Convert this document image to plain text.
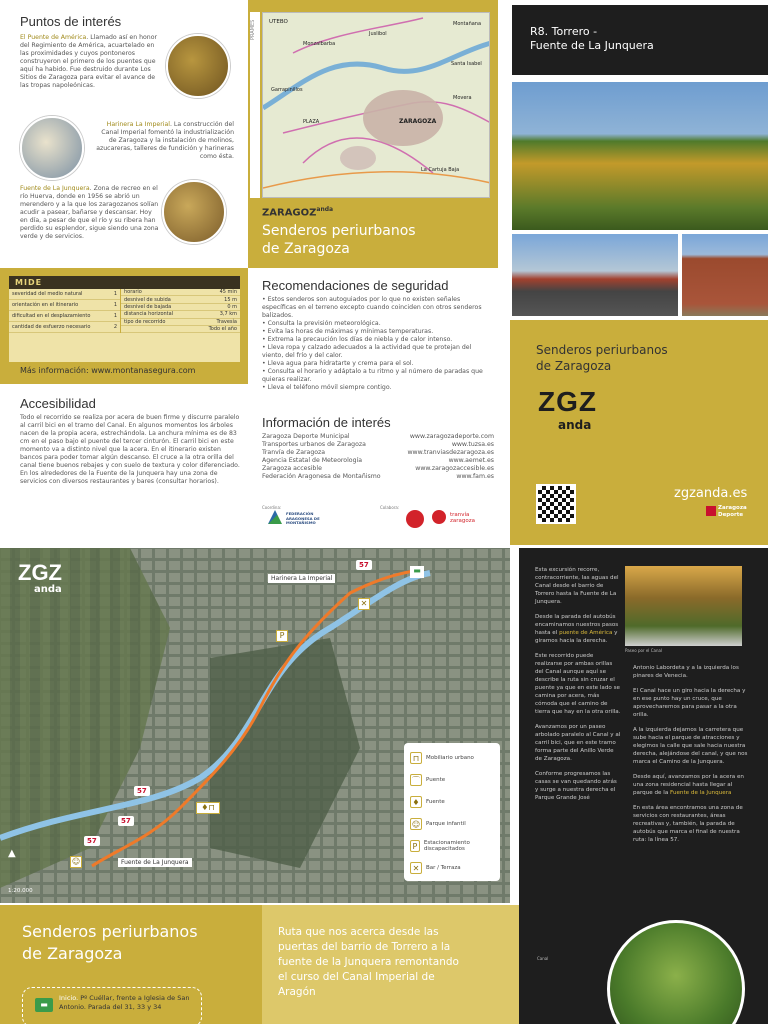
Puntos de interés
El Puente de América. Llamado así en honor del Regimiento de América, acuartelado en las proximidades y cuyos pontoneros construyeron el primero de los puentes que aquí ha habido. Fue destruido durante Los Sitios de Zaragoza para evitar el avance de las tropas napoleónicas.
Harinera La Imperial. La construcción del Canal Imperial fomentó la industrialización de Zaragoza y la instalación de molinos, azucareras, talleres de fundición y harineras como ésta.
Fuente de La Junquera. Zona de recreo en el río Huerva, donde en 1956 se abrió un merendero y a la que los zaragozanos solían acudir a pasear, bañarse y descansar. Hoy en día, a pesar de que el río y su ribera han perdido su esplendor, sigue siendo una zona verde y de servicios.
MIDE
severidad del medio natural	1
orientación en el itinerario	1
dificultad en el desplazamiento	1
cantidad de esfuerzo necesario	2
horario	45 min
desnivel de subida	15 m
desnivel de bajada	0 m
distancia horizontal	3,7 km
tipo de recorrido	Travesía
Todo el año
Más información: www.montanasegura.com
Accesibilidad
Todo el recorrido se realiza por acera de buen firme y discurre paralelo al carril bici en el tramo del Canal. En algunos momentos los árboles nacen de la propia acera, estrechándola. La anchura mínima es de 83 cm en el paso bajo el puente del tercer cinturón. El carril bici en este momento va a distinto nivel que la acera. En el itinerario existen bancos para poder tomar algún descanso. El cruce a la otra orilla del canal tiene buenos rebajes y con suelo de textura y color diferenciado. En los alrededores de la Fuente de la Junquera hay una zona de servicios con diversos restaurantes y bares (consultar horarios).
PRAMES UTEBO
Monzalbarba
Juslibol
Montañana
Santa Isabel
Garrapinillos
PLAZA	ZARAGOZA
Movera
La Cartuja Baja
$ZARAGOZ^{anda}$
Senderos periurbanos
de Zaragoza
Recomendaciones de seguridad
• Estos senderos son autoguiados por lo que no existen señales específicas en el terreno excepto cuando coinciden con otros senderos balizados.
• Consulta la previsión meteorológica.
• Evita las horas de máximas y mínimas temperaturas.
• Extrema la precaución los días de niebla y de calor intenso.
• Lleva ropa y calzado adecuados a la actividad que te protejan del viento, del frío y del calor.
• Lleva agua para hidratarte y crema para el sol.
• Consulta el horario y adáptalo a tu ritmo y al número de paradas que quieras realizar.
• Lleva el teléfono móvil siempre contigo.
Información de interés
Zaragoza Deporte Municipal	www.zaragozadeporte.com
Transportes urbanos de Zaragoza	www.tuzsa.es
Tranvía de Zaragoza	www.tranviasdezaragoza.es
Agencia Estatal de Meteorología	www.aemet.es
Zaragoza accesible	www.zaragozaccesible.es
Federación Aragonesa de Montañismo	www.fam.es
Coordina:
FEDERACIÓN ARAGONESA DE MONTAÑISMO
Colabora:
tranvía zaragoza
R8. Torrero -
Fuente de La Junquera
Senderos periurbanos
de Zaragoza
ZGZ
anda
zgzanda.es
Zaragoza
Deporte
ZGZ
anda
Harinera La Imperial
Fuente de La Junquera
57
▬
57
57
57
✕
P
♦⊓
☺
▲
1:20.000
⊓	Mobiliario urbano
⌒	Puente
♦	Fuente
☺	Parque infantil
P	Estacionamiento discapacitados
✕	Bar / Terraza

Esta excursión recorre, contracorriente, las aguas del Canal desde el barrio de Torrero hasta la Fuente de La Junquera.

Desde la parada del autobús encaminamos nuestros pasos hasta el puente de América y giramos hacia la derecha.

Este recorrido puede realizarse por ambas orillas del Canal aunque aquí se describe la ruta sin cruzar el puente ya que en este lado se camina por acera, más cómoda que el camino de tierra que hay en la otra orilla.

Avanzamos por un paseo arbolado paralelo al Canal y al carril bici, que en este tramo forma parte del Anillo Verde de Zaragoza.

Conforme progresamos las casas se van quedando atrás y surge a nuestra derecha el Parque Grande José

Paseo por el Canal

Antonio Labordeta y a la izquierda los pinares de Venecia.

El Canal hace un giro hacia la derecha y en ese punto hay un cruce, que aprovecharemos para pasar a la otra orilla.

A la izquierda dejamos la carretera que sube hacia el parque de atracciones y elegimos la calle que sale hacia nuestra derecha, alejándose del canal, y que nos marca el Camino de la Junquera.

Desde aquí, avanzamos por la acera en una zona residencial hasta llegar al parque de la Fuente de la Junquera

En esta área encontramos una zona de servicios con restaurantes, áreas recreativas y, también, la parada de autobús que marca el final de nuestra ruta: la línea 57.

Canal
Senderos periurbanos
de Zaragoza
▬
Inicio. Pº Cuéllar, frente a Iglesia de San Antonio. Parada del 31, 33 y 34
Ruta que nos acerca desde las puertas del barrio de Torrero a la fuente de la Junquera remontando el curso del Canal Imperial de Aragón
